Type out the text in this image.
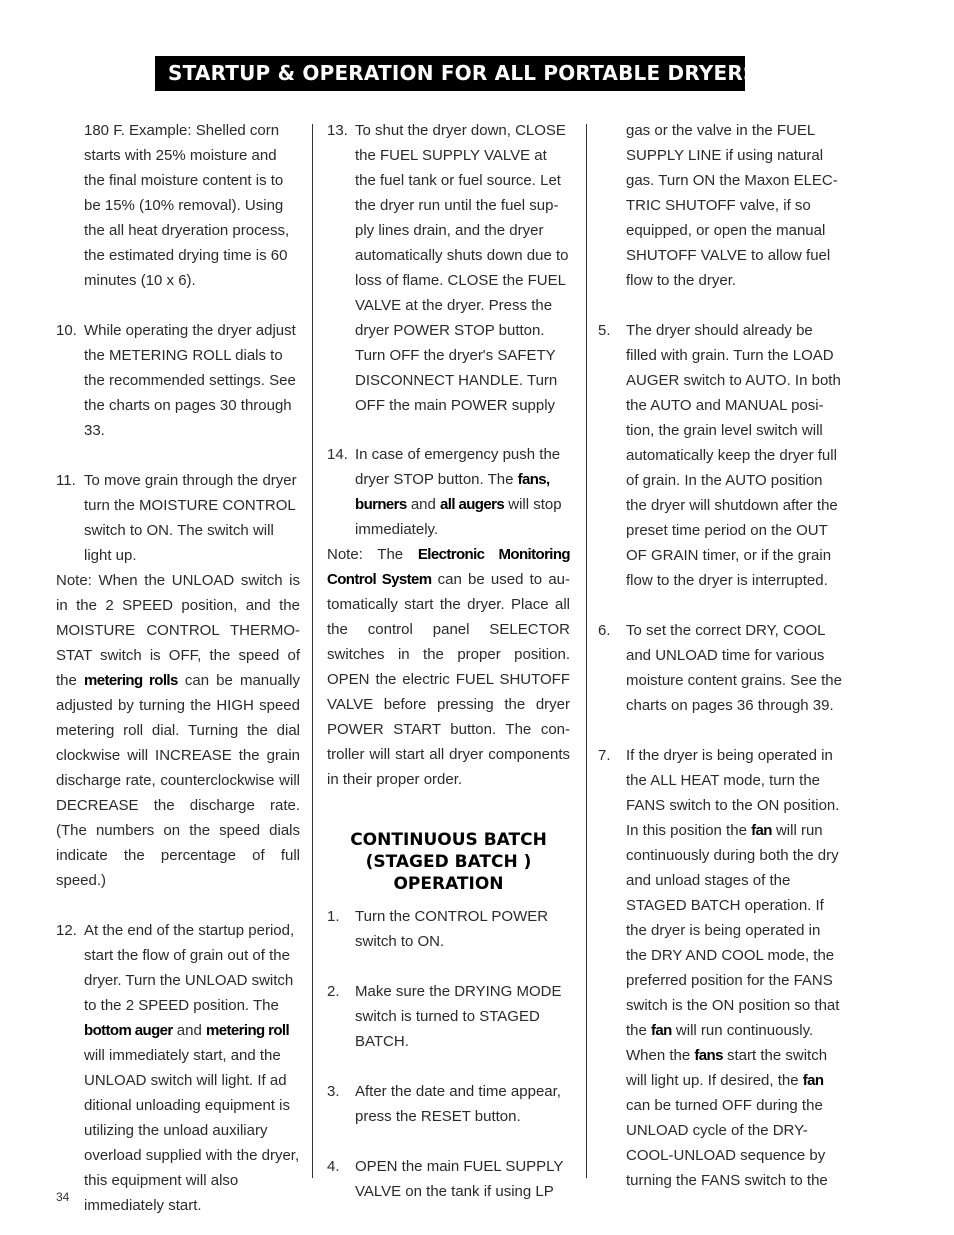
STARTUP & OPERATION FOR ALL PORTABLE DRYERS

180 F. Example: Shelled corn starts with 25% moisture and the final moisture content is to be 15% (10% removal). Using the all heat dryeration process, the estimated drying time is 60 minutes (10 x 6).

10. While operating the dryer adjust the METERING ROLL dials to the recommended settings. See the charts on pages 30 through 33.
11. To move grain through the dryer turn the MOISTURE CONTROL switch to ON. The switch will light up.

Note: When the UNLOAD switch is in the 2 SPEED position, and the MOISTURE CONTROL THERMO-STAT switch is OFF, the speed of the metering rolls can be manually adjusted by turning the HIGH speed metering roll dial. Turning the dial clockwise will INCREASE the grain discharge rate, counterclockwise will DECREASE the discharge rate. (The numbers on the speed dials indicate the percentage of full speed.)

12. At the end of the startup period, start the flow of grain out of the dryer. Turn the UNLOAD switch to the 2 SPEED position. The bottom auger and metering roll will immediately start, and the UNLOAD switch will light. If ad ditional unloading equipment is utilizing the unload auxiliary overload supplied with the dryer, this equipment will also immediately start.
13. To shut the dryer down, CLOSE the FUEL SUPPLY VALVE at the fuel tank or fuel source. Let the dryer run until the fuel sup-ply lines drain, and the dryer automatically shuts down due to loss of flame. CLOSE the FUEL VALVE at the dryer. Press the dryer POWER STOP button. Turn OFF the dryer's SAFETY DISCONNECT HANDLE. Turn OFF the main POWER supply
14. In case of emergency push the dryer STOP button. The fans, burners and all augers will stop immediately.

Note: The Electronic Monitoring Control System can be used to au-tomatically start the dryer. Place all the control panel SELECTOR switches in the proper position. OPEN the electric FUEL SHUTOFF VALVE before pressing the dryer POWER START button. The con-troller will start all dryer components in their proper order.

CONTINUOUS BATCH
(STAGED BATCH )
OPERATION
1. Turn the CONTROL POWER switch to ON.
2. Make sure the DRYING MODE switch is turned to STAGED BATCH.
3. After the date and time appear, press the RESET button.
4. OPEN the main FUEL SUPPLY VALVE on the tank if using LP

gas or the valve in the FUEL SUPPLY LINE if using natural gas. Turn ON the Maxon ELEC-TRIC SHUTOFF valve, if so equipped, or open the manual SHUTOFF VALVE to allow fuel flow to the dryer.

5. The dryer should already be filled with grain. Turn the LOAD AUGER switch to AUTO. In both the AUTO and MANUAL posi-tion, the grain level switch will automatically keep the dryer full of grain. In the AUTO position the dryer will shutdown after the preset time period on the OUT OF GRAIN timer, or if the grain flow to the dryer is interrupted.
6. To set the correct DRY, COOL and UNLOAD time for various moisture content grains. See the charts on pages 36 through 39.
7. If the dryer is being operated in the ALL HEAT mode, turn the FANS switch to the ON position. In this position the fan will run continuously during both the dry and unload stages of the STAGED BATCH operation. If the dryer is being operated in the DRY AND COOL mode, the preferred position for the FANS switch is the ON position so that the fan will run continuously. When the fans start the switch will light up. If desired, the fan can be turned OFF during the UNLOAD cycle of the DRY-COOL-UNLOAD sequence by turning the FANS switch to the
34
